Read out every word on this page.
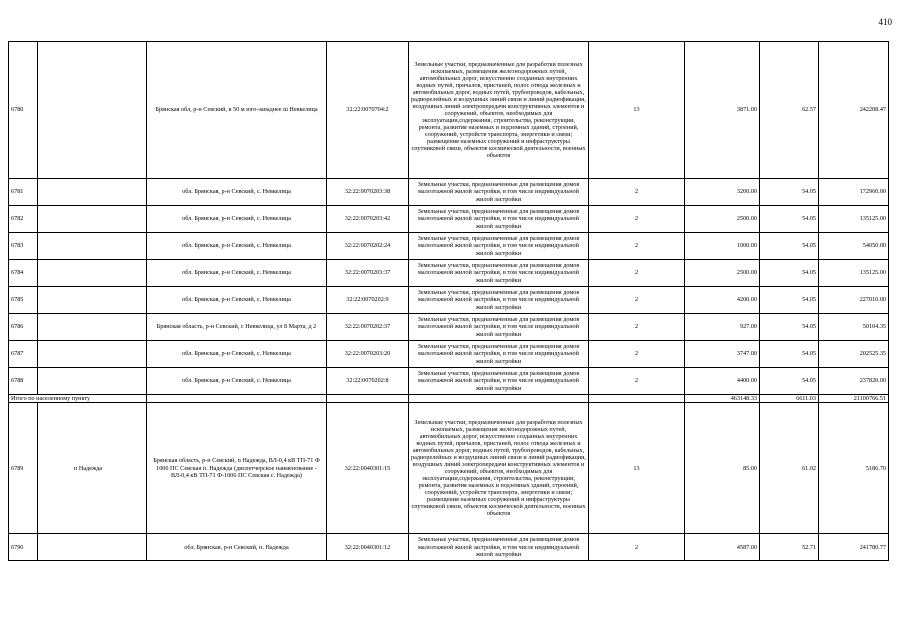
410
6780		Брянская обл, р-н Севский, в 50 м юго-западнее ш Невкелица	32:22:0070704:2	Земельные участки, предназначенные для разработки полезных ископаемых, размещения железнодорожных путей, автомобильных дорог, искусственно созданных внутренних водных путей, причалов, пристаней, полос отвода железных и автомобильных дорог, водных путей, трубопроводов, кабельных, радиорелейных и воздушных линий связи и линий радиофикации, воздушных линий электропередачи конструктивных элементов и сооружений, объектов, необходимых для эксплуатации,содержания, строительства, реконструкции, ремонта, развития наземных и подземных зданий, строений, сооружений, устройств транспорта, энергетики и связи; размещения наземных сооружений и инфраструктуры спутниковой связи, объектов космической деятельности, военных объектов	13	3871.00	62.57	242208.47
6781		обл. Брянская, р-н Севский, с. Невкелица	32:22:0070203:38	Земельные участки, предназначенные для размещения домов малоэтажной жилой застройки, в том числе индивидуальной жилой застройки	2	3200.00	54.05	172960.00
6782		обл. Брянская, р-н Севский, с. Невкелица	32:22:0070203:42	Земельные участки, предназначенные для размещения домов малоэтажной жилой застройки, в том числе индивидуальной жилой застройки	2	2500.00	54.05	135125.00
6783		обл. Брянская, р-н Севский, с. Невкелица	32:22:0070202:24	Земельные участки, предназначенные для размещения домов малоэтажной жилой застройки, в том числе индивидуальной жилой застройки	2	1000.00	54.05	54050.00
6784		обл. Брянская, р-н Севский, с. Невкелица	32:22:0070203:37	Земельные участки, предназначенные для размещения домов малоэтажной жилой застройки, в том числе индивидуальной жилой застройки	2	2500.00	54.05	135125.00
6785		обл. Брянская, р-н Севский, с. Невкелица	32:22:0070202:9	Земельные участки, предназначенные для размещения домов малоэтажной жилой застройки, в том числе индивидуальной жилой застройки	2	4200.00	54.05	227010.00
6786		Брянская область, р-н Севский, с Невкелица, ул 8 Марта, д 2	32:22:0070202:37	Земельные участки, предназначенные для размещения домов малоэтажной жилой застройки, в том числе индивидуальной жилой застройки	2	927.00	54.05	50104.35
6787		обл. Брянская, р-н Севский, с. Невкелица	32:22:0070203:20	Земельные участки, предназначенные для размещения домов малоэтажной жилой застройки, в том числе индивидуальной жилой застройки	2	3747.00	54.05	202525.35
6788		обл. Брянская, р-н Севский, с. Невкелица	32:22:0070202:8	Земельные участки, предназначенные для размещения домов малоэтажной жилой застройки, в том числе индивидуальной жилой застройки	2	4400.00	54.05	237820.00
Итого по населенному пункту						463148.33	6611.03	21100766.51
6789	п Надежда	Брянская область, р-н Севский, п Надежда, ВЛ-0,4 кВ ТП-71 Ф 1006 ПС Севская п. Надежда (диспетчерское наименование - ВЛ-0,4 кВ ТП-71 Ф-1006 ПС Севская с. Надежда)	32:22:0040301:15	Земельные участки, предназначенные для разработки полезных ископаемых, размещения железнодорожных путей, автомобильных дорог, искусственно созданных внутренних водных путей, причалов, пристаней, полос отвода железных и автомобильных дорог, водных путей, трубопроводов, кабельных, радиорелейных и воздушных линий связи и линий радиофикации, воздушных линий электропередачи конструктивных элементов и сооружений, объектов, необходимых для эксплуатации,содержания, строительства, реконструкции, ремонта, развития наземных и подземных зданий, строений, сооружений, устройств транспорта, энергетики и связи; размещения наземных сооружений и инфраструктуры спутниковой связи, объектов космической деятельности, военных объектов	13	85.00	61.02	5186.70
6790		обл. Брянская, р-н Севский, п. Надежда	32:22:0040301:12	Земельные участки, предназначенные для размещения домов малоэтажной жилой застройки, в том числе индивидуальной жилой застройки	2	4587.00	52.71	241780.77
